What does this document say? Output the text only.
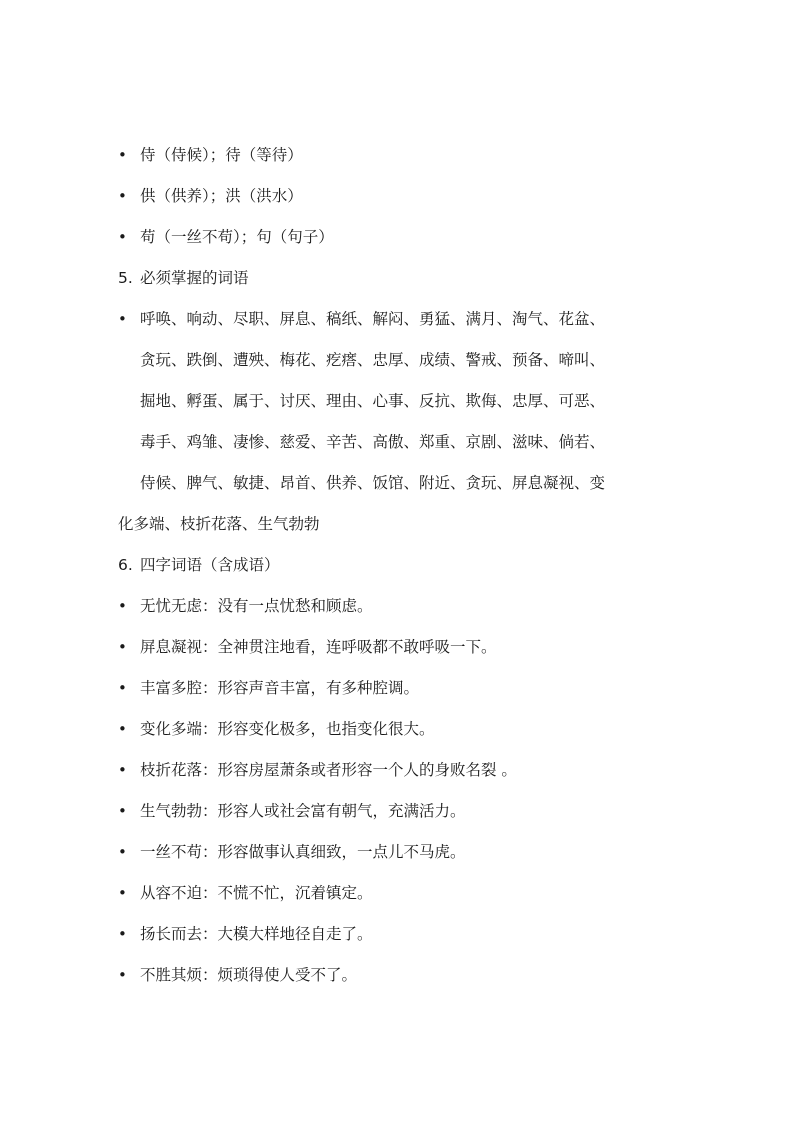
• 侍（侍候）；待（等待）

• 供（供养）；洪（洪水）

• 苟（一丝不苟）；句（句子）

5. 必须掌握的词语

• 呼唤、响动、尽职、屏息、稿纸、解闷、勇猛、满月、淘气、花盆、

贪玩、跌倒、遭殃、梅花、疙瘩、忠厚、成绩、警戒、预备、啼叫、

掘地、孵蛋、属于、讨厌、理由、心事、反抗、欺侮、忠厚、可恶、

毒手、鸡雏、凄惨、慈爱、辛苦、高傲、郑重、京剧、滋味、倘若、

侍候、脾气、敏捷、昂首、供养、饭馆、附近、贪玩、屏息凝视、变

化多端、枝折花落、生气勃勃

6. 四字词语（含成语）

• 无忧无虑：没有一点忧愁和顾虑。

• 屏息凝视：全神贯注地看，连呼吸都不敢呼吸一下。

• 丰富多腔：形容声音丰富，有多种腔调。

• 变化多端：形容变化极多，也指变化很大。

• 枝折花落：形容房屋萧条或者形容一个人的身败名裂 。

• 生气勃勃：形容人或社会富有朝气，充满活力。

• 一丝不苟：形容做事认真细致，一点儿不马虎。

• 从容不迫：不慌不忙，沉着镇定。

• 扬长而去：大模大样地径自走了。

• 不胜其烦：烦琐得使人受不了。
